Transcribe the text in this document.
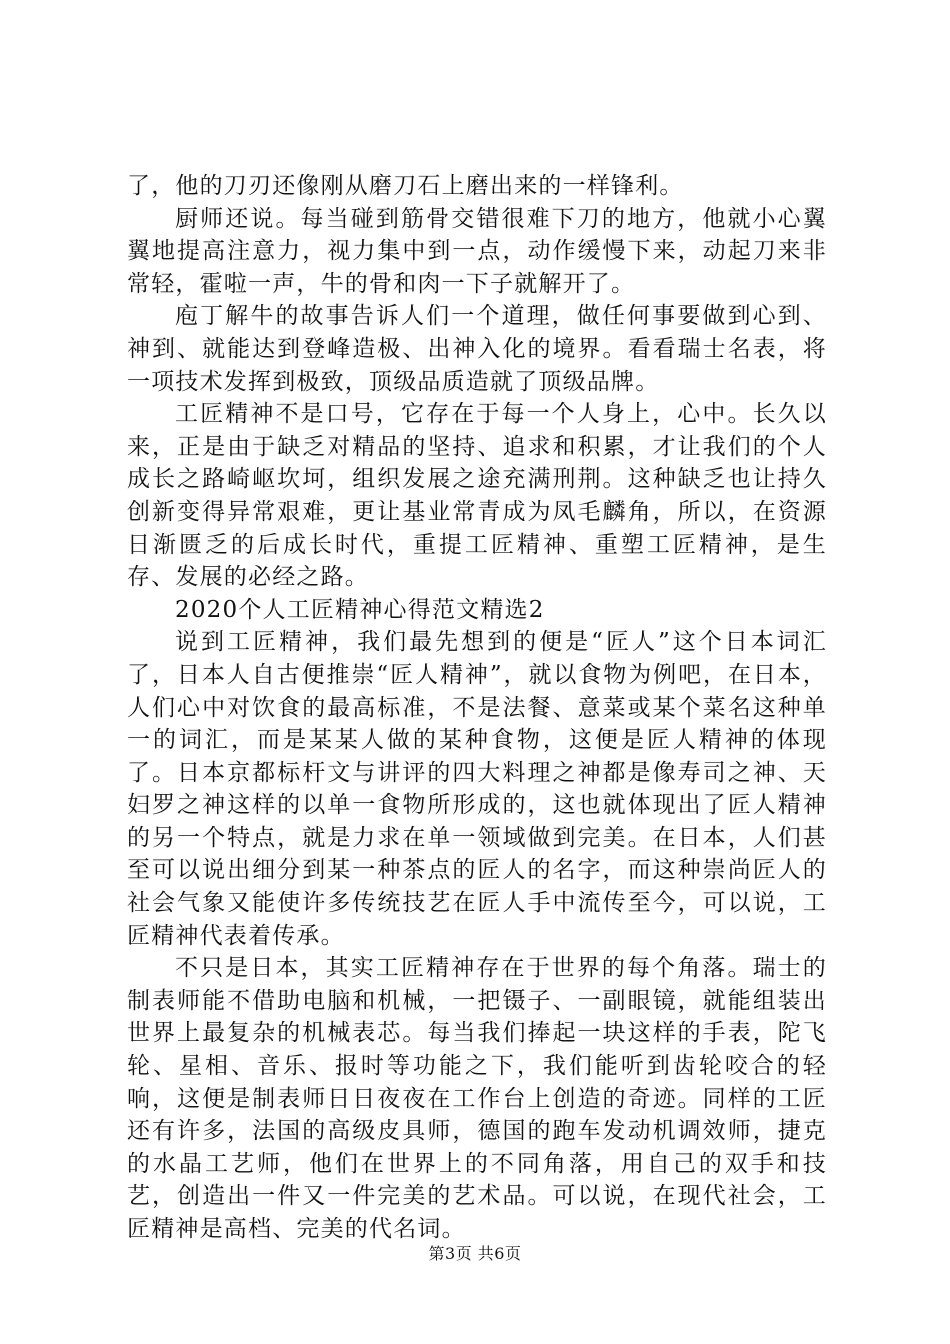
了，他的刀刃还像刚从磨刀石上磨出来的一样锋利。

厨师还说。每当碰到筋骨交错很难下刀的地方，他就小心翼翼地提高注意力，视力集中到一点，动作缓慢下来，动起刀来非常轻，霍啦一声，牛的骨和肉一下子就解开了。

庖丁解牛的故事告诉人们一个道理，做任何事要做到心到、神到、就能达到登峰造极、出神入化的境界。看看瑞士名表，将一项技术发挥到极致，顶级品质造就了顶级品牌。

工匠精神不是口号，它存在于每一个人身上，心中。长久以来，正是由于缺乏对精品的坚持、追求和积累，才让我们的个人成长之路崎岖坎坷，组织发展之途充满刑荆。这种缺乏也让持久创新变得异常艰难，更让基业常青成为凤毛麟角，所以，在资源日渐匮乏的后成长时代，重提工匠精神、重塑工匠精神，是生存、发展的必经之路。

2020个人工匠精神心得范文精选2

说到工匠精神，我们最先想到的便是“匠人”这个日本词汇了，日本人自古便推崇“匠人精神”，就以食物为例吧，在日本，人们心中对饮食的最高标准，不是法餐、意菜或某个菜名这种单一的词汇，而是某某人做的某种食物，这便是匠人精神的体现了。日本京都标杆文与讲评的四大料理之神都是像寿司之神、天妇罗之神这样的以单一食物所形成的，这也就体现出了匠人精神的另一个特点，就是力求在单一领域做到完美。在日本，人们甚至可以说出细分到某一种茶点的匠人的名字，而这种崇尚匠人的社会气象又能使许多传统技艺在匠人手中流传至今，可以说，工匠精神代表着传承。

不只是日本，其实工匠精神存在于世界的每个角落。瑞士的制表师能不借助电脑和机械，一把镊子、一副眼镜，就能组装出世界上最复杂的机械表芯。每当我们捧起一块这样的手表，陀飞轮、星相、音乐、报时等功能之下，我们能听到齿轮咬合的轻响，这便是制表师日日夜夜在工作台上创造的奇迹。同样的工匠还有许多，法国的高级皮具师，德国的跑车发动机调效师，捷克的水晶工艺师，他们在世界上的不同角落，用自己的双手和技艺，创造出一件又一件完美的艺术品。可以说，在现代社会，工匠精神是高档、完美的代名词。

第3页 共6页
